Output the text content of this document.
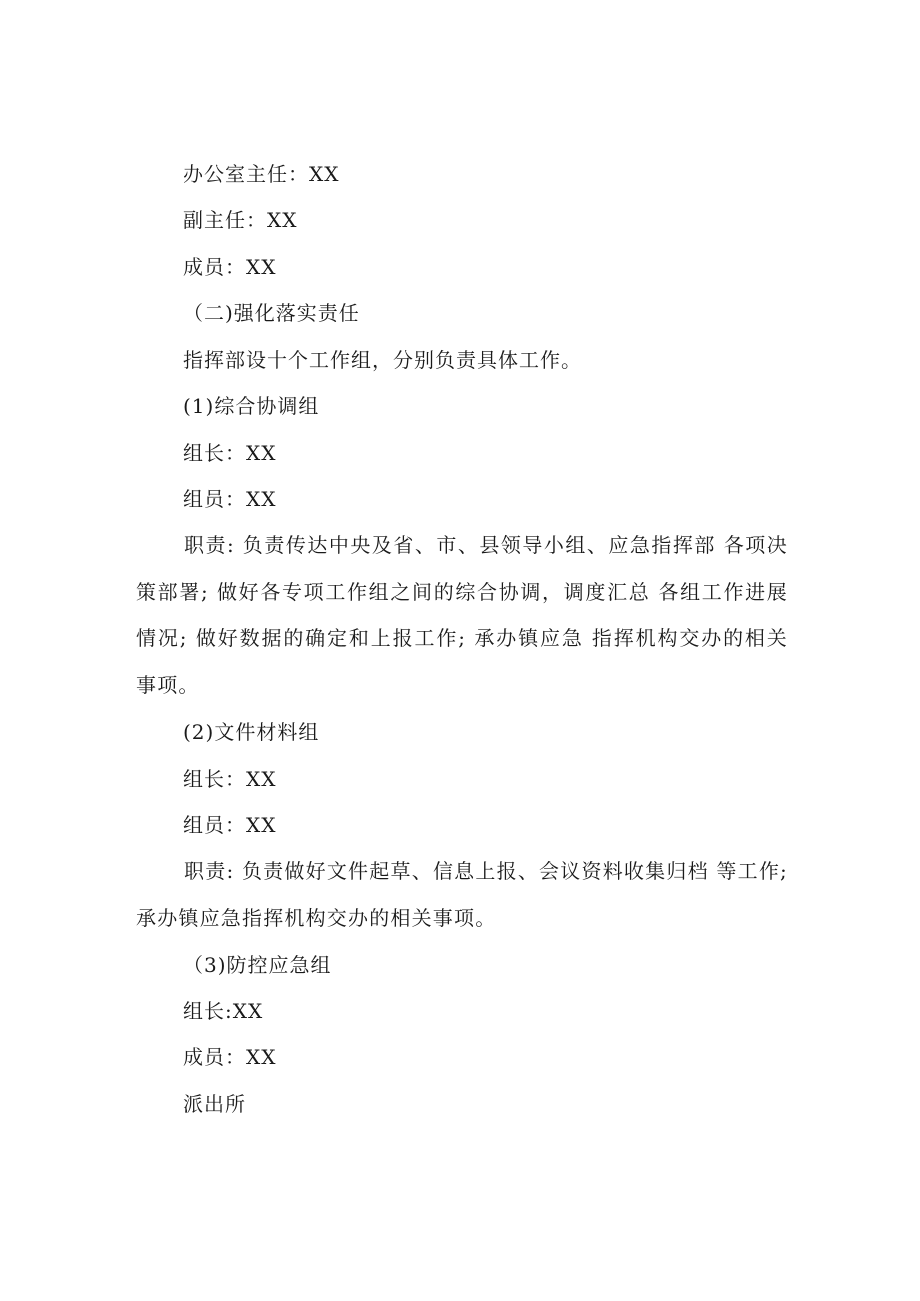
办公室主任：XX
副主任：XX
成员：XX
（二)强化落实责任
指挥部设十个工作组，分别负责具体工作。
(1)综合协调组
组长：XX
组员：XX

职责: 负责传达中央及省、市、县领导小组、应急指挥部 各项决策部署; 做好各专项工作组之间的综合协调，调度汇总 各组工作进展情况; 做好数据的确定和上报工作; 承办镇应急 指挥机构交办的相关事项。

(2)文件材料组
组长：XX
组员：XX

职责: 负责做好文件起草、信息上报、会议资料收集归档 等工作; 承办镇应急指挥机构交办的相关事项。

（3)防控应急组
组长:XX
成员：XX
派出所
